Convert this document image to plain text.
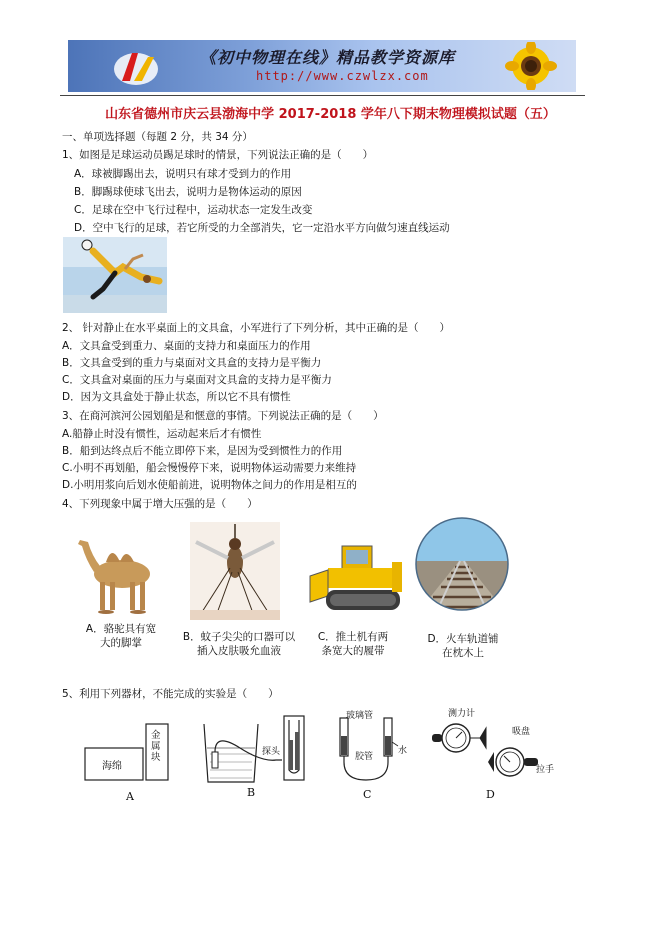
《初中物理在线》精品教学资源库
http://www.czwlzx.com
山东省德州市庆云县渤海中学 2017-2018 学年八下期末物理模拟试题（五）
一、单项选择题（每题 2 分，共 34 分）
1、如图是足球运动员踢足球时的情景，下列说法正确的是（　　）
A．球被脚踢出去，说明只有球才受到力的作用
B．脚踢球使球飞出去，说明力是物体运动的原因
C．足球在空中飞行过程中，运动状态一定发生改变
D．空中飞行的足球，若它所受的力全部消失，它一定沿水平方向做匀速直线运动
2、 针对静止在水平桌面上的文具盒，小军进行了下列分析，其中正确的是（　　）
A．文具盒受到重力、桌面的支持力和桌面压力的作用
B．文具盒受到的重力与桌面对文具盒的支持力是平衡力
C．文具盒对桌面的压力与桌面对文具盒的支持力是平衡力
D．因为文具盒处于静止状态，所以它不具有惯性
3、在商河滨河公园划船是和惬意的事情。下列说法正确的是（　　）
A.船静止时没有惯性，运动起来后才有惯性
B．船到达终点后不能立即停下来，是因为受到惯性力的作用
C.小明不再划船，船会慢慢停下来，说明物体运动需要力来维持
D.小明用浆向后划水使船前进，说明物体之间力的作用是相互的
4、下列现象中属于增大压强的是（　　）
A．骆驼具有宽
大的脚掌	B．蚊子尖尖的口器可以
插入皮肤吸允血液
C．推土机有两
条宽大的履带
D．火车轨道铺
在枕木上
5、利用下列器材，不能完成的实验是（　　）
海绵
金属块
A
探头
B
玻璃管
水
胶管
C
测力计
吸盘
拉手
D
